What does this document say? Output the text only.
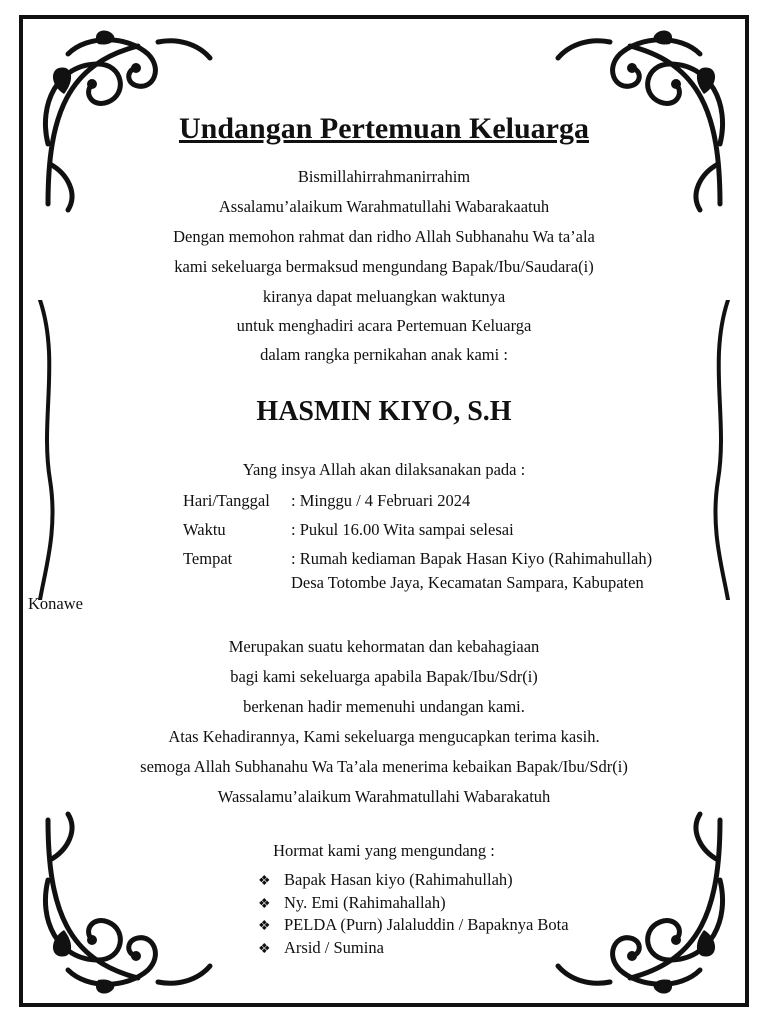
Undangan Pertemuan Keluarga
Bismillahirrahmanirrahim
Assalamu’alaikum Warahmatullahi Wabarakaatuh
Dengan memohon rahmat dan ridho Allah Subhanahu Wa ta’ala
kami sekeluarga bermaksud mengundang Bapak/Ibu/Saudara(i)
kiranya dapat meluangkan waktunya
untuk menghadiri acara Pertemuan Keluarga
dalam rangka pernikahan anak kami :
HASMIN KIYO, S.H
Yang insya Allah akan dilaksanakan pada :
Hari/Tanggal : Minggu / 4 Februari 2024
Waktu	: Pukul 16.00 Wita sampai selesai
Tempat	: Rumah kediaman Bapak Hasan Kiyo (Rahimahullah)
Desa Totombe Jaya, Kecamatan Sampara, Kabupaten
Konawe
Merupakan suatu kehormatan dan kebahagiaan
bagi kami sekeluarga apabila Bapak/Ibu/Sdr(i)
berkenan hadir memenuhi undangan kami.
Atas Kehadirannya, Kami sekeluarga mengucapkan terima kasih.
semoga Allah Subhanahu Wa Ta’ala menerima kebaikan Bapak/Ibu/Sdr(i)
Wassalamu’alaikum Warahmatullahi Wabarakatuh
Hormat kami yang mengundang :
❖ Bapak Hasan kiyo (Rahimahullah)
❖ Ny. Emi (Rahimahallah)
❖ PELDA (Purn) Jalaluddin / Bapaknya Bota
❖ Arsid / Sumina
